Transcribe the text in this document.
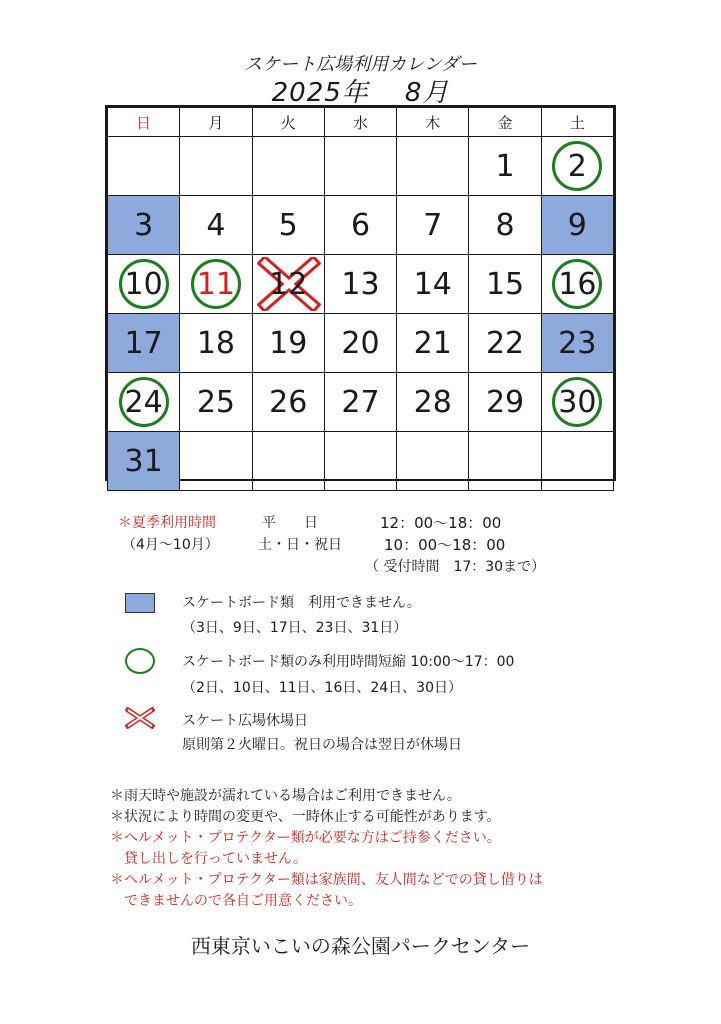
スケート広場利用カレンダー
2025年 8月
日	月	火	水	木	金	土
					1	2
3	4	5	6	7	8	9

10	11	12	13	14	15	16
17	18	19	20	21	22	23

24	25	26	27	28	29	30
31						
＊夏季利用時間
（4月～10月）
平　　日	12：00～18：00
土・日・祝日	10：00～18：00
（ 受付時間　17：30まで）
スケートボード類　利用できません。
（3日、9日、17日、23日、31日）
スケートボード類のみ利用時間短縮 10:00～17：00
（2日、10日、11日、16日、24日、30日）
スケート広場休場日
原則第２火曜日。祝日の場合は翌日が休場日
＊雨天時や施設が濡れている場合はご利用できません。
＊状況により時間の変更や、一時休止する可能性があります。
＊ヘルメット・プロテクター類が必要な方はご持参ください。
　貸し出しを行っていません。
＊ヘルメット・プロテクター類は家族間、友人間などでの貸し借りは
　できませんので各自ご用意ください。
西東京いこいの森公園パークセンター
